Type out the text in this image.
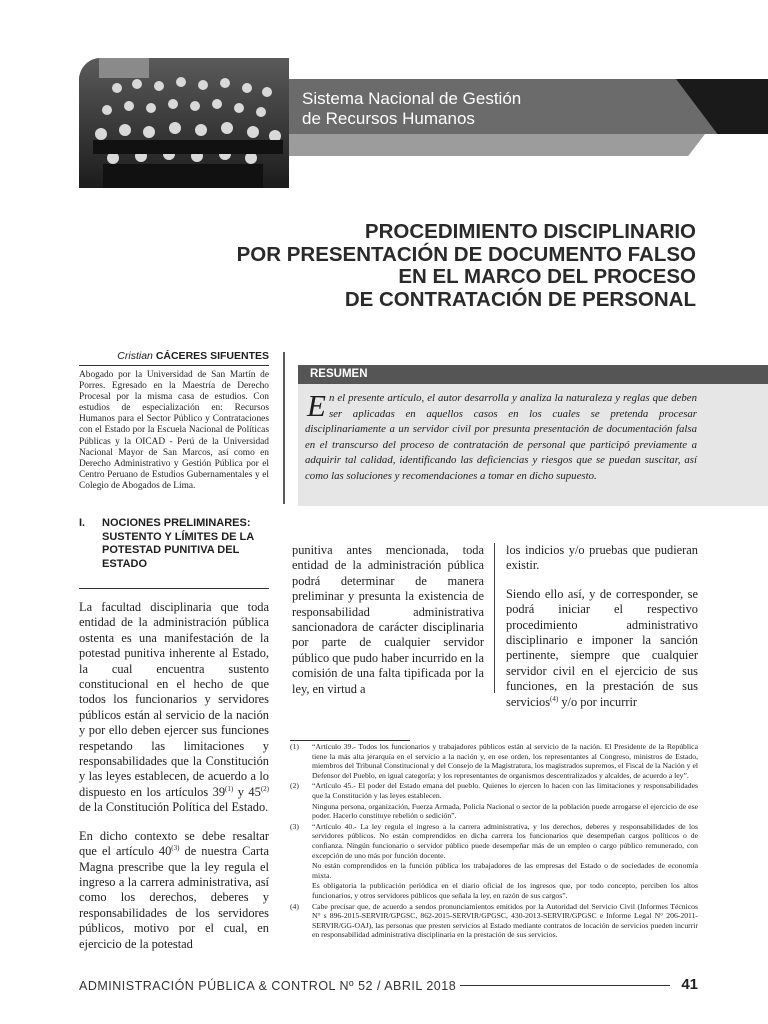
Sistema Nacional de Gestión
de Recursos Humanos
PROCEDIMIENTO DISCIPLINARIO
POR PRESENTACIÓN DE DOCUMENTO FALSO
EN EL MARCO DEL PROCESO
DE CONTRATACIÓN DE PERSONAL
Cristian CÁCERES SIFUENTES
Abogado por la Universidad de San Martín de Porres. Egresado en la Maestría de Derecho Procesal por la misma casa de estudios. Con estudios de especialización en: Recursos Humanos para el Sector Público y Contrataciones con el Estado por la Escuela Nacional de Políticas Públicas y la OICAD - Perú de la Universidad Nacional Mayor de San Marcos, así como en Derecho Administrativo y Gestión Pública por el Centro Peruano de Estudios Gubernamentales y el Colegio de Abogados de Lima.
RESUMEN
En el presente artículo, el autor desarrolla y analiza la naturaleza y reglas que deben ser aplicadas en aquellos casos en los cuales se pretenda procesar disciplinariamente a un servidor civil por presunta presentación de documentación falsa en el transcurso del proceso de contratación de personal que participó previamente a adquirir tal calidad, identificando las deficiencias y riesgos que se puedan suscitar, así como las soluciones y recomendaciones a tomar en dicho supuesto.
I. NOCIONES PRELIMINARES: SUSTENTO Y LÍMITES DE LA POTESTAD PUNITIVA DEL ESTADO

La facultad disciplinaria que toda entidad de la administración pública ostenta es una manifestación de la potestad punitiva inherente al Estado, la cual encuentra sustento constitucional en el hecho de que todos los funcionarios y servidores públicos están al servicio de la nación y por ello deben ejercer sus funciones respetando las limitaciones y responsabilidades que la Constitución y las leyes establecen, de acuerdo a lo dispuesto en los artículos 39$^{(1)}$ y 45$^{(2)}$ de la Constitución Política del Estado.

En dicho contexto se debe resaltar que el artículo 40$^{(3)}$ de nuestra Carta Magna prescribe que la ley regula el ingreso a la carrera administrativa, así como los derechos, deberes y responsabilidades de los servidores públicos, motivo por el cual, en ejercicio de la potestad

punitiva antes mencionada, toda entidad de la administración pública podrá determinar de manera preliminar y presunta la existencia de responsabilidad administrativa sancionadora de carácter disciplinaria por parte de cualquier servidor público que pudo haber incurrido en la comisión de una falta tipificada por la ley, en virtud a

los indicios y/o pruebas que pudieran existir.

Siendo ello así, y de corresponder, se podrá iniciar el respectivo procedimiento administrativo disciplinario e imponer la sanción pertinente, siempre que cualquier servidor civil en el ejercicio de sus funciones, en la prestación de sus servicios$^{(4)}$ y/o por incurrir

(1)	“Artículo 39.- Todos los funcionarios y trabajadores públicos están al servicio de la nación. El Presidente de la República tiene la más alta jerarquía en el servicio a la nación y, en ese orden, los representantes al Congreso, ministros de Estado, miembros del Tribunal Constitucional y del Consejo de la Magistratura, los magistrados supremos, el Fiscal de la Nación y el Defensor del Pueblo, en igual categoría; y los representantes de organismos descentralizados y alcaldes, de acuerdo a ley”.
(2)	“Artículo 45.- El poder del Estado emana del pueblo. Quienes lo ejercen lo hacen con las limitaciones y responsabilidades que la Constitución y las leyes establecen.
Ninguna persona, organización, Fuerza Armada, Policía Nacional o sector de la población puede arrogarse el ejercicio de ese poder. Hacerlo constituye rebelión o sedición”.
(3)	“Artículo 40.- La ley regula el ingreso a la carrera administrativa, y los derechos, deberes y responsabilidades de los servidores públicos. No están comprendidos en dicha carrera los funcionarios que desempeñan cargos políticos o de confianza. Ningún funcionario o servidor público puede desempeñar más de un empleo o cargo público remunerado, con excepción de uno más por función docente.
No están comprendidos en la función pública los trabajadores de las empresas del Estado o de sociedades de economía mixta.
Es obligatoria la publicación periódica en el diario oficial de los ingresos que, por todo concepto, perciben los altos funcionarios, y otros servidores públicos que señala la ley, en razón de sus cargos”.
(4)	Cabe precisar que, de acuerdo a sendos pronunciamientos emitidos por la Autoridad del Servicio Civil (Informes Técnicos N° s 896-2015-SERVIR/GPGSC, 862-2015-SERVIR/GPGSC, 430-2013-SERVIR/GPGSC e Informe Legal N° 206-2011-SERVIR/GG-OAJ), las personas que presten servicios al Estado mediante contratos de locación de servicios pueden incurrir en responsabilidad administrativa disciplinaria en la prestación de sus servicios.
ADMINISTRACIÓN PÚBLICA & CONTROL Nº 52 / ABRIL 2018	41
